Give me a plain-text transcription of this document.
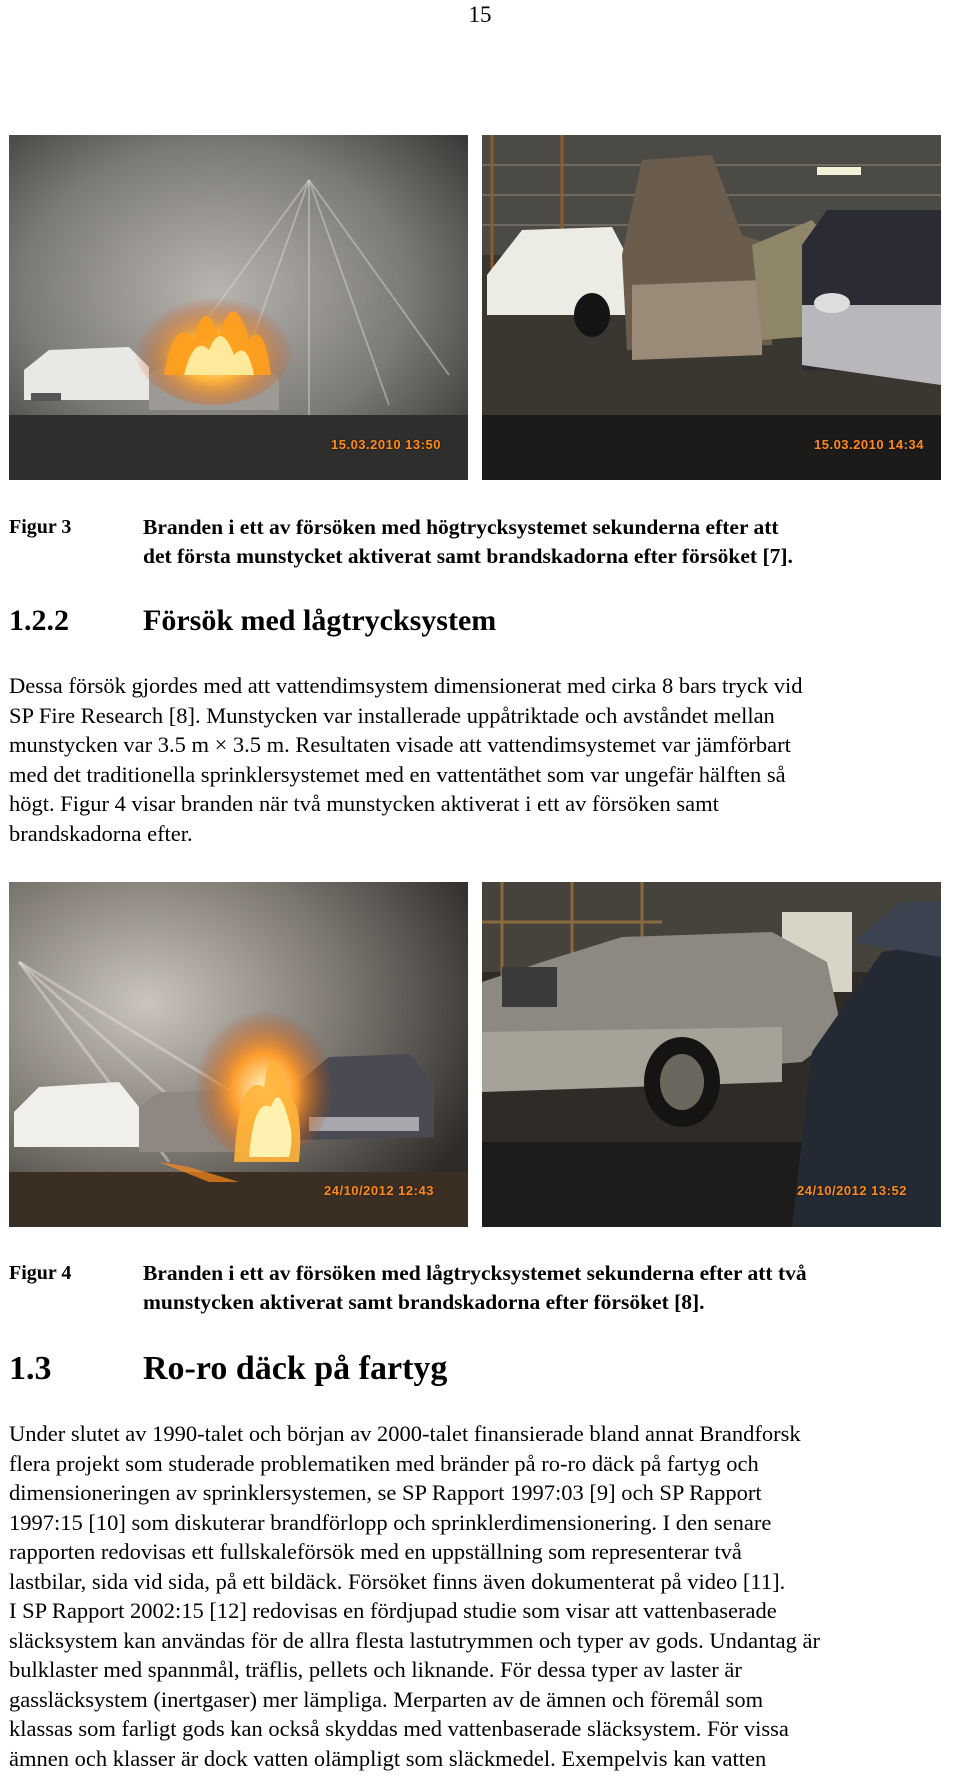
15
15.03.2010 13:50	15.03.2010 14:34
Figur 3	Branden i ett av försöken med högtrycksystemet sekunderna efter att
det första munstycket aktiverat samt brandskadorna efter försöket [7].
1.2.2 Försök med lågtrycksystem

Dessa försök gjordes med att vattendimsystem dimensionerat med cirka 8 bars tryck vid
SP Fire Research [8]. Munstycken var installerade uppåtriktade och avståndet mellan
munstycken var 3.5 m × 3.5 m. Resultaten visade att vattendimsystemet var jämförbart
med det traditionella sprinklersystemet med en vattentäthet som var ungefär hälften så
högt. Figur 4 visar branden när två munstycken aktiverat i ett av försöken samt
brandskadorna efter.

24/10/2012 12:43	24/10/2012 13:52
Figur 4	Branden i ett av försöken med lågtrycksystemet sekunderna efter att två
munstycken aktiverat samt brandskadorna efter försöket [8].
1.3	Ro-ro däck på fartyg

Under slutet av 1990-talet och början av 2000-talet finansierade bland annat Brandforsk
flera projekt som studerade problematiken med bränder på ro-ro däck på fartyg och
dimensioneringen av sprinklersystemen, se SP Rapport 1997:03 [9] och SP Rapport
1997:15 [10] som diskuterar brandförlopp och sprinklerdimensionering. I den senare
rapporten redovisas ett fullskaleförsök med en uppställning som representerar två
lastbilar, sida vid sida, på ett bildäck. Försöket finns även dokumenterat på video [11].
I SP Rapport 2002:15 [12] redovisas en fördjupad studie som visar att vattenbaserade
släcksystem kan användas för de allra flesta lastutrymmen och typer av gods. Undantag är
bulklaster med spannmål, träflis, pellets och liknande. För dessa typer av laster är
gassläcksystem (inertgaser) mer lämpliga. Merparten av de ämnen och föremål som
klassas som farligt gods kan också skyddas med vattenbaserade släcksystem. För vissa
ämnen och klasser är dock vatten olämpligt som släckmedel. Exempelvis kan vatten
